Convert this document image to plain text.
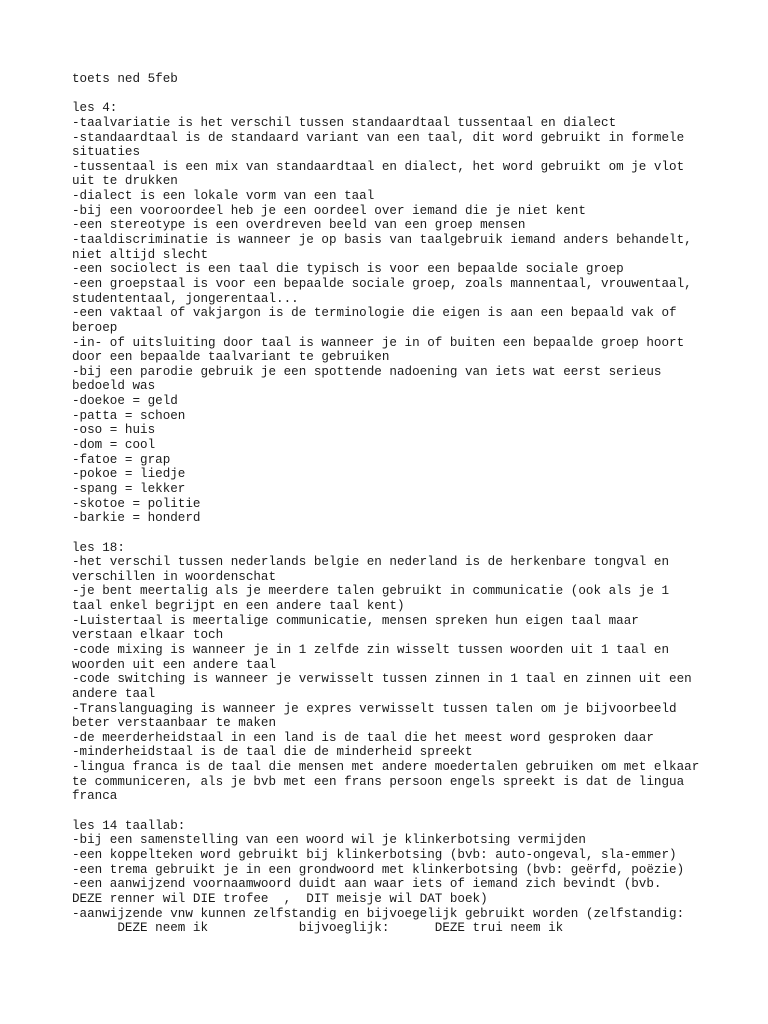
toets ned 5feb
les 4:
-taalvariatie is het verschil tussen standaardtaal tussentaal en dialect
-standaardtaal is de standaard variant van een taal, dit word gebruikt in formele
situaties
-tussentaal is een mix van standaardtaal en dialect, het word gebruikt om je vlot
uit te drukken
-dialect is een lokale vorm van een taal
-bij een vooroordeel heb je een oordeel over iemand die je niet kent
-een stereotype is een overdreven beeld van een groep mensen
-taaldiscriminatie is wanneer je op basis van taalgebruik iemand anders behandelt,
niet altijd slecht
-een sociolect is een taal die typisch is voor een bepaalde sociale groep
-een groepstaal is voor een bepaalde sociale groep, zoals mannentaal, vrouwentaal,
studententaal, jongerentaal...
-een vaktaal of vakjargon is de terminologie die eigen is aan een bepaald vak of
beroep
-in- of uitsluiting door taal is wanneer je in of buiten een bepaalde groep hoort
door een bepaalde taalvariant te gebruiken
-bij een parodie gebruik je een spottende nadoening van iets wat eerst serieus
bedoeld was
-doekoe = geld
-patta = schoen
-oso = huis
-dom = cool
-fatoe = grap
-pokoe = liedje
-spang = lekker
-skotoe = politie
-barkie = honderd
les 18:
-het verschil tussen nederlands belgie en nederland is de herkenbare tongval en
verschillen in woordenschat
-je bent meertalig als je meerdere talen gebruikt in communicatie (ook als je 1
taal enkel begrijpt en een andere taal kent)
-Luistertaal is meertalige communicatie, mensen spreken hun eigen taal maar
verstaan elkaar toch
-code mixing is wanneer je in 1 zelfde zin wisselt tussen woorden uit 1 taal en
woorden uit een andere taal
-code switching is wanneer je verwisselt tussen zinnen in 1 taal en zinnen uit een
andere taal
-Translanguaging is wanneer je expres verwisselt tussen talen om je bijvoorbeeld
beter verstaanbaar te maken
-de meerderheidstaal in een land is de taal die het meest word gesproken daar
-minderheidstaal is de taal die de minderheid spreekt
-lingua franca is de taal die mensen met andere moedertalen gebruiken om met elkaar
te communiceren, als je bvb met een frans persoon engels spreekt is dat de lingua
franca
les 14 taallab:
-bij een samenstelling van een woord wil je klinkerbotsing vermijden
-een koppelteken word gebruikt bij klinkerbotsing (bvb: auto-ongeval, sla-emmer)
-een trema gebruikt je in een grondwoord met klinkerbotsing (bvb: geërfd, poëzie)
-een aanwijzend voornaamwoord duidt aan waar iets of iemand zich bevindt (bvb.
DEZE renner wil DIE trofee  ,  DIT meisje wil DAT boek)
-aanwijzende vnw kunnen zelfstandig en bijvoegelijk gebruikt worden (zelfstandig:
DEZE neem ik            bijvoeglijk:      DEZE trui neem ik
